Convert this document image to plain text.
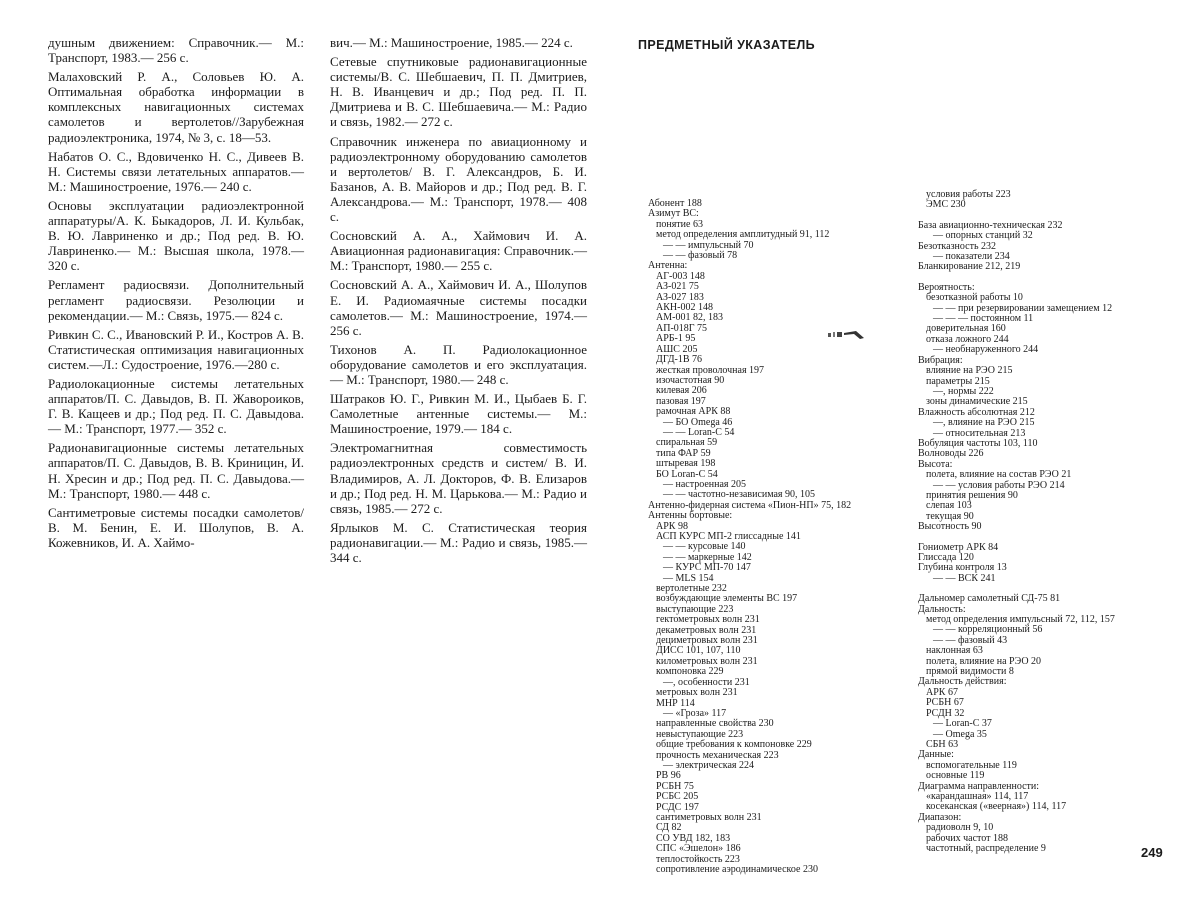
душным движением: Справочник.— М.: Транспорт, 1983.— 256 с.

Малаховский Р. А., Соловьев Ю. А. Оптимальная обработка информации в комплексных навигационных системах самолетов и вертолетов//Зарубежная радиоэлектроника, 1974, № 3, с. 18—53.

Набатов О. С., Вдовиченко Н. С., Дивеев В. Н. Системы связи летательных аппаратов.— М.: Машиностроение, 1976.— 240 с.

Основы эксплуатации радиоэлектронной аппаратуры/А. К. Быкадоров, Л. И. Кульбак, В. Ю. Лавриненко и др.; Под ред. В. Ю. Лавриненко.— М.: Высшая школа, 1978.— 320 с.

Регламент радиосвязи. Дополнительный регламент радиосвязи. Резолюции и рекомендации.— М.: Связь, 1975.— 824 с.

Ривкин С. С., Ивановский Р. И., Костров А. В. Статистическая оптимизация навигационных систем.—Л.: Судостроение, 1976.—280 с.

Радиолокационные системы летательных аппаратов/П. С. Давыдов, В. П. Жавороиков, Г. В. Кащеев и др.; Под ред. П. С. Давыдова.— М.: Транспорт, 1977.— 352 с.

Радионавигационные системы летательных аппаратов/П. С. Давыдов, В. В. Криницин, И. Н. Хресин и др.; Под ред. П. С. Давыдова.— М.: Транспорт, 1980.— 448 с.

Сантиметровые системы посадки самолетов/В. М. Бенин, Е. И. Шолупов, В. А. Кожевников, И. А. Хаймо-

вич.— М.: Машиностроение, 1985.— 224 с.

Сетевые спутниковые радионавигационные системы/В. С. Шебшаевич, П. П. Дмитриев, Н. В. Иванцевич и др.; Под ред. П. П. Дмитриева и В. С. Шебшаевича.— М.: Радио и связь, 1982.— 272 с.

Справочник инженера по авиационному и радиоэлектронному оборудованию самолетов и вертолетов/ В. Г. Александров, Б. И. Базанов, А. В. Майоров и др.; Под ред. В. Г. Александрова.— М.: Транспорт, 1978.— 408 с.

Сосновский А. А., Хаймович И. А. Авиационная радионавигация: Справочник.— М.: Транспорт, 1980.— 255 с.

Сосновский А. А., Хаймович И. А., Шолупов Е. И. Радиомаячные системы посадки самолетов.— М.: Машиностроение, 1974.— 256 с.

Тихонов А. П. Радиолокационное оборудование самолетов и его эксплуатация.— М.: Транспорт, 1980.— 248 с.

Шатраков Ю. Г., Ривкин М. И., Цыбаев Б. Г. Самолетные антенные системы.— М.: Машиностроение, 1979.— 184 с.

Электромагнитная совместимость радиоэлектронных средств и систем/ В. И. Владимиров, А. Л. Докторов, Ф. В. Елизаров и др.; Под ред. Н. М. Царькова.— М.: Радио и связь, 1985.— 272 с.

Ярлыков М. С. Статистическая теория радионавигации.— М.: Радио и связь, 1985.— 344 с.

ПРЕДМЕТНЫЙ УКАЗАТЕЛЬ
Абонент 188
Азимут ВС:
понятие 63
метод определения амплитудный 91, 112
— — импульсный 70
— — фазовый 78
Антенна:
АГ-003 148
АЗ-021 75
АЗ-027 183
АКН-002 148
АМ-001 82, 183
АП-018Г 75
АРБ-1 95
АШС 205
ДГД-1В 76
жесткая проволочная 197
изочастотная 90
килевая 206
пазовая 197
рамочная АРК 88
— БО Omega 46
— — Loran-C 54
спиральная 59
типа ФАР 59
штыревая 198
БО Loran-C 54
— настроенная 205
— — частотно-независимая 90, 105
Антенно-фидерная система «Пион-НП» 75, 182
Антенны бортовые:
АРК 98
АСП КУРС МП-2 глиссадные 141
— — курсовые 140
— — маркерные 142
— КУРС МП-70 147
— MLS 154
вертолетные 232
возбуждающие элементы ВС 197
выступающие 223
гектометровых волн 231
декаметровых волн 231
дециметровых волн 231
ДИСС 101, 107, 110
километровых волн 231
компоновка 229
—, особенности 231
метровых волн 231
МНР 114
— «Гроза» 117
направленные свойства 230
невыступающие 223
общие требования к компоновке 229
прочность механическая 223
— электрическая 224
РВ 96
РСБН 75
РСБС 205
РСДС 197
сантиметровых волн 231
СД 82
СО УВД 182, 183
СПС «Эшелон» 186
теплостойкость 223
сопротивление аэродинамическое 230
условия работы 223
ЭМС 230
База авиационно-техническая 232
— опорных станций 32
Безотказность 232
— показатели 234
Бланкирование 212, 219
Вероятность:
безотказной работы 10
— — при резервировании замещением 12
— — — постоянном 11
доверительная 160
отказа ложного 244
— необнаруженного 244
Вибрация:
влияние на РЭО 215
параметры 215
—, нормы 222
зоны динамические 215
Влажность абсолютная 212
—, влияние на РЭО 215
— относительная 213
Вобуляция частоты 103, 110
Волноводы 226
Высота:
полета, влияние на состав РЭО 21
— — условия работы РЭО 214
принятия решения 90
слепая 103
текущая 90
Высотность 90
Гониометр АРК 84
Глиссада 120
Глубина контроля 13
— — ВСК 241
Дальномер самолетный СД-75 81
Дальность:
метод определения импульсный 72, 112, 157
— — корреляционный 56
— — фазовый 43
наклонная 63
полета, влияние на РЭО 20
прямой видимости 8
Дальность действия:
АРК 67
РСБН 67
РСДН 32
— Loran-C 37
— Omega 35
СБН 63
Данные:
вспомогательные 119
основные 119
Диаграмма направленности:
«карандашная» 114, 117
косеканская («веерная») 114, 117
Диапазон:
радиоволн 9, 10
рабочих частот 188
частотный, распределение 9	249
